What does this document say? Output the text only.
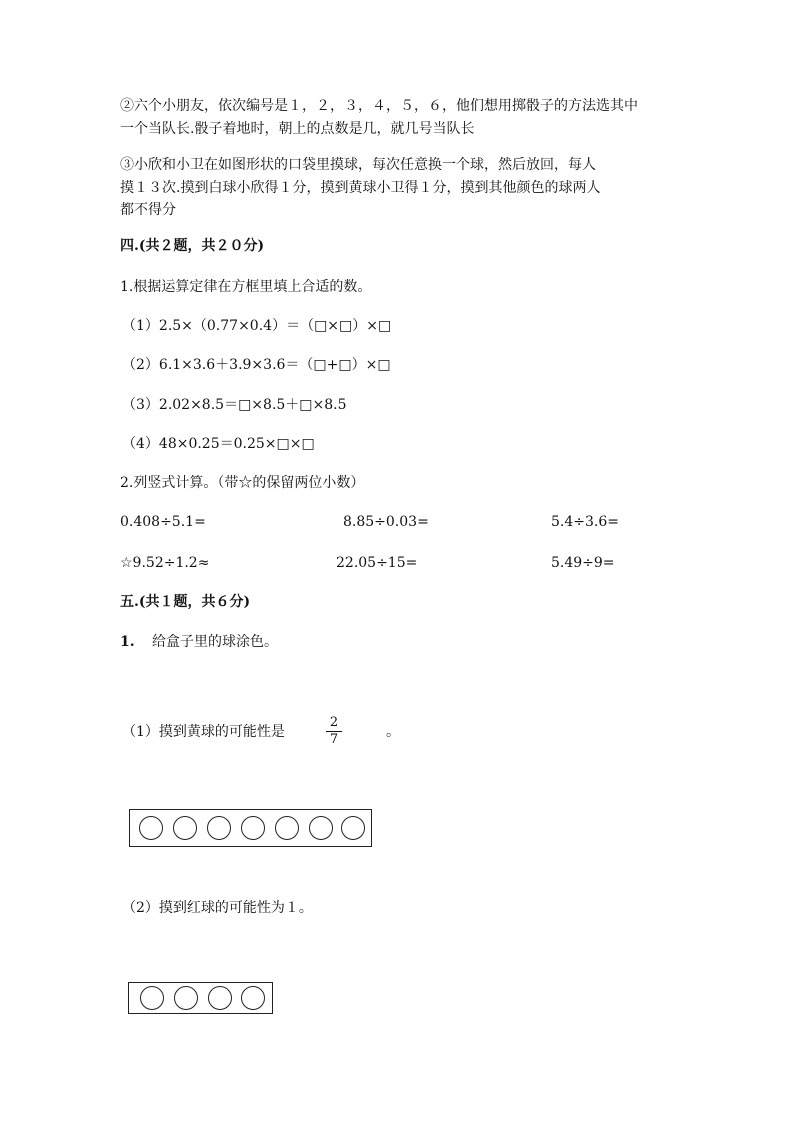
②六个小朋友，依次编号是１，２，３，４，５，６，他们想用掷骰子的方法选其中
一个当队长.骰子着地时，朝上的点数是几，就几号当队长
③小欣和小卫在如图形状的口袋里摸球，每次任意换一个球，然后放回，每人
摸１３次.摸到白球小欣得１分，摸到黄球小卫得１分，摸到其他颜色的球两人
都不得分
四.(共２题，共２０分)
1.根据运算定律在方框里填上合适的数。
（1）2.5×（0.77×0.4）＝（□×□）×□
（2）6.1×3.6＋3.9×3.6＝（□+□）×□
（3）2.02×8.5＝□×8.5＋□×8.5
（4）48×0.25＝0.25×□×□
2.列竖式计算。（带☆的保留两位小数）
0.408÷5.1=	8.85÷0.03=	5.4÷3.6=
☆9.52÷1.2≈	22.05÷15=	5.49÷9=
五.(共１题，共６分)
1. 给盒子里的球涂色。
（1）摸到黄球的可能性是
2
7	。
（2）摸到红球的可能性为１。
